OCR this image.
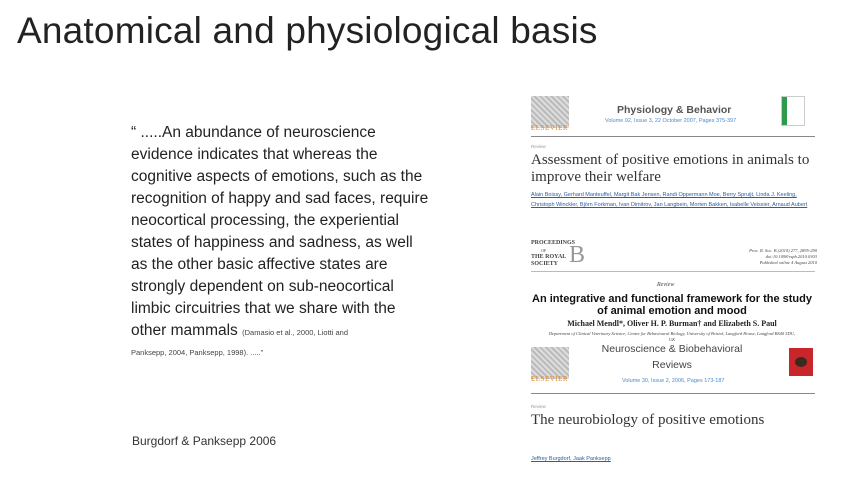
Anatomical and physiological basis
“ .....An abundance of neuroscience evidence indicates that whereas the cognitive aspects of emotions, such as the recognition of happy and sad faces, require neocortical processing, the experiential states of happiness and sadness, as well as the other basic affective states are strongly dependent on sub-neocortical limbic circuitries that we share with the other mammals (Damasio et al., 2000, Liotti and
Panksepp, 2004, Panksepp, 1998). .....”
Burgdorf & Panksepp 2006
ELSEVIER
Physiology & Behavior
Volume 92, Issue 3, 22 October 2007, Pages 375-397
Review
Assessment of positive emotions in animals to improve their welfare
Alain Boissy, Gerhard Manteuffel, Margit Bak Jensen, Randi Oppermann Moe, Berry Spruijt, Linda J. Keeling, Christoph Winckler, Björn Forkman, Ivan Dimitrov, Jan Langbein, Morten Bakken, Isabelle Veissier, Arnaud Aubert
PROCEEDINGS
OF
THE ROYAL
SOCIETY B	Proc. R. Soc. B (2010) 277, 2895-290
doi:10.1098/rspb.2010.0303
Published online 4 August 2010
Review
An integrative and functional framework for the study of animal emotion and mood
Michael Mendl*, Oliver H. P. Burman† and Elizabeth S. Paul
Department of Clinical Veterinary Science, Centre for Behavioural Biology, University of Bristol, Langford House, Langford BS40 5DU, UK
ELSEVIER
Neuroscience & Biobehavioral
Reviews
Volume 30, Issue 2, 2006, Pages 173-187
Review
The neurobiology of positive emotions
Jeffrey Burgdorf, Jaak Panksepp
